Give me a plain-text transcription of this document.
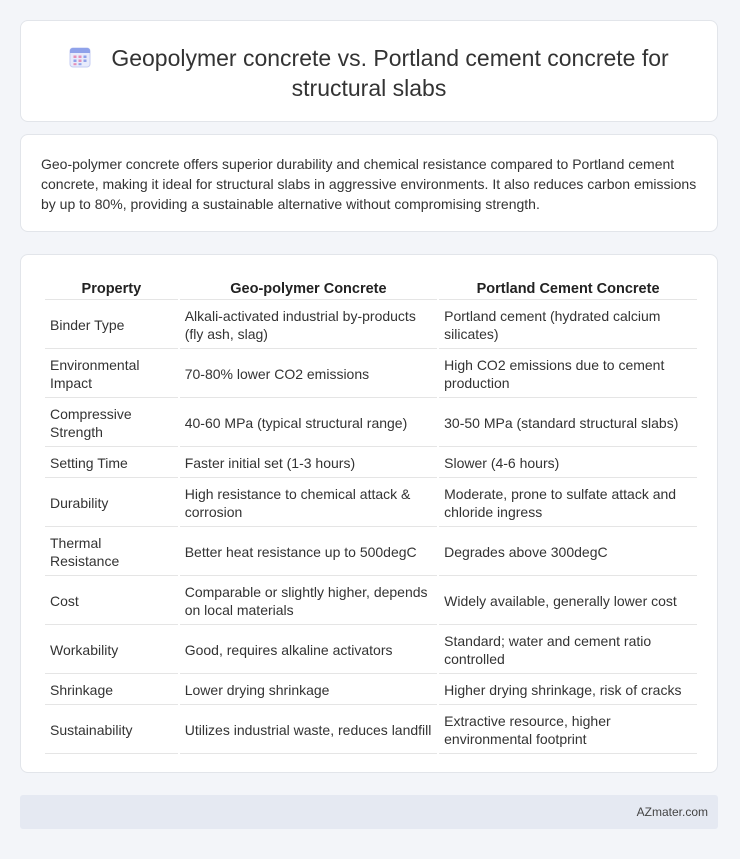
Geopolymer concrete vs. Portland cement concrete for structural slabs

Geo-polymer concrete offers superior durability and chemical resistance compared to Portland cement concrete, making it ideal for structural slabs in aggressive environments. It also reduces carbon emissions by up to 80%, providing a sustainable alternative without compromising strength.

Property	Geo-polymer Concrete	Portland Cement Concrete
Binder Type	Alkali-activated industrial by-products (fly ash, slag)	Portland cement (hydrated calcium silicates)
Environmental Impact	70-80% lower CO2 emissions	High CO2 emissions due to cement production
Compressive Strength	40-60 MPa (typical structural range)	30-50 MPa (standard structural slabs)
Setting Time	Faster initial set (1-3 hours)	Slower (4-6 hours)
Durability	High resistance to chemical attack & corrosion	Moderate, prone to sulfate attack and chloride ingress
Thermal Resistance	Better heat resistance up to 500degC	Degrades above 300degC
Cost	Comparable or slightly higher, depends on local materials	Widely available, generally lower cost
Workability	Good, requires alkaline activators	Standard; water and cement ratio controlled
Shrinkage	Lower drying shrinkage	Higher drying shrinkage, risk of cracks
Sustainability	Utilizes industrial waste, reduces landfill	Extractive resource, higher environmental footprint
AZmater.com
